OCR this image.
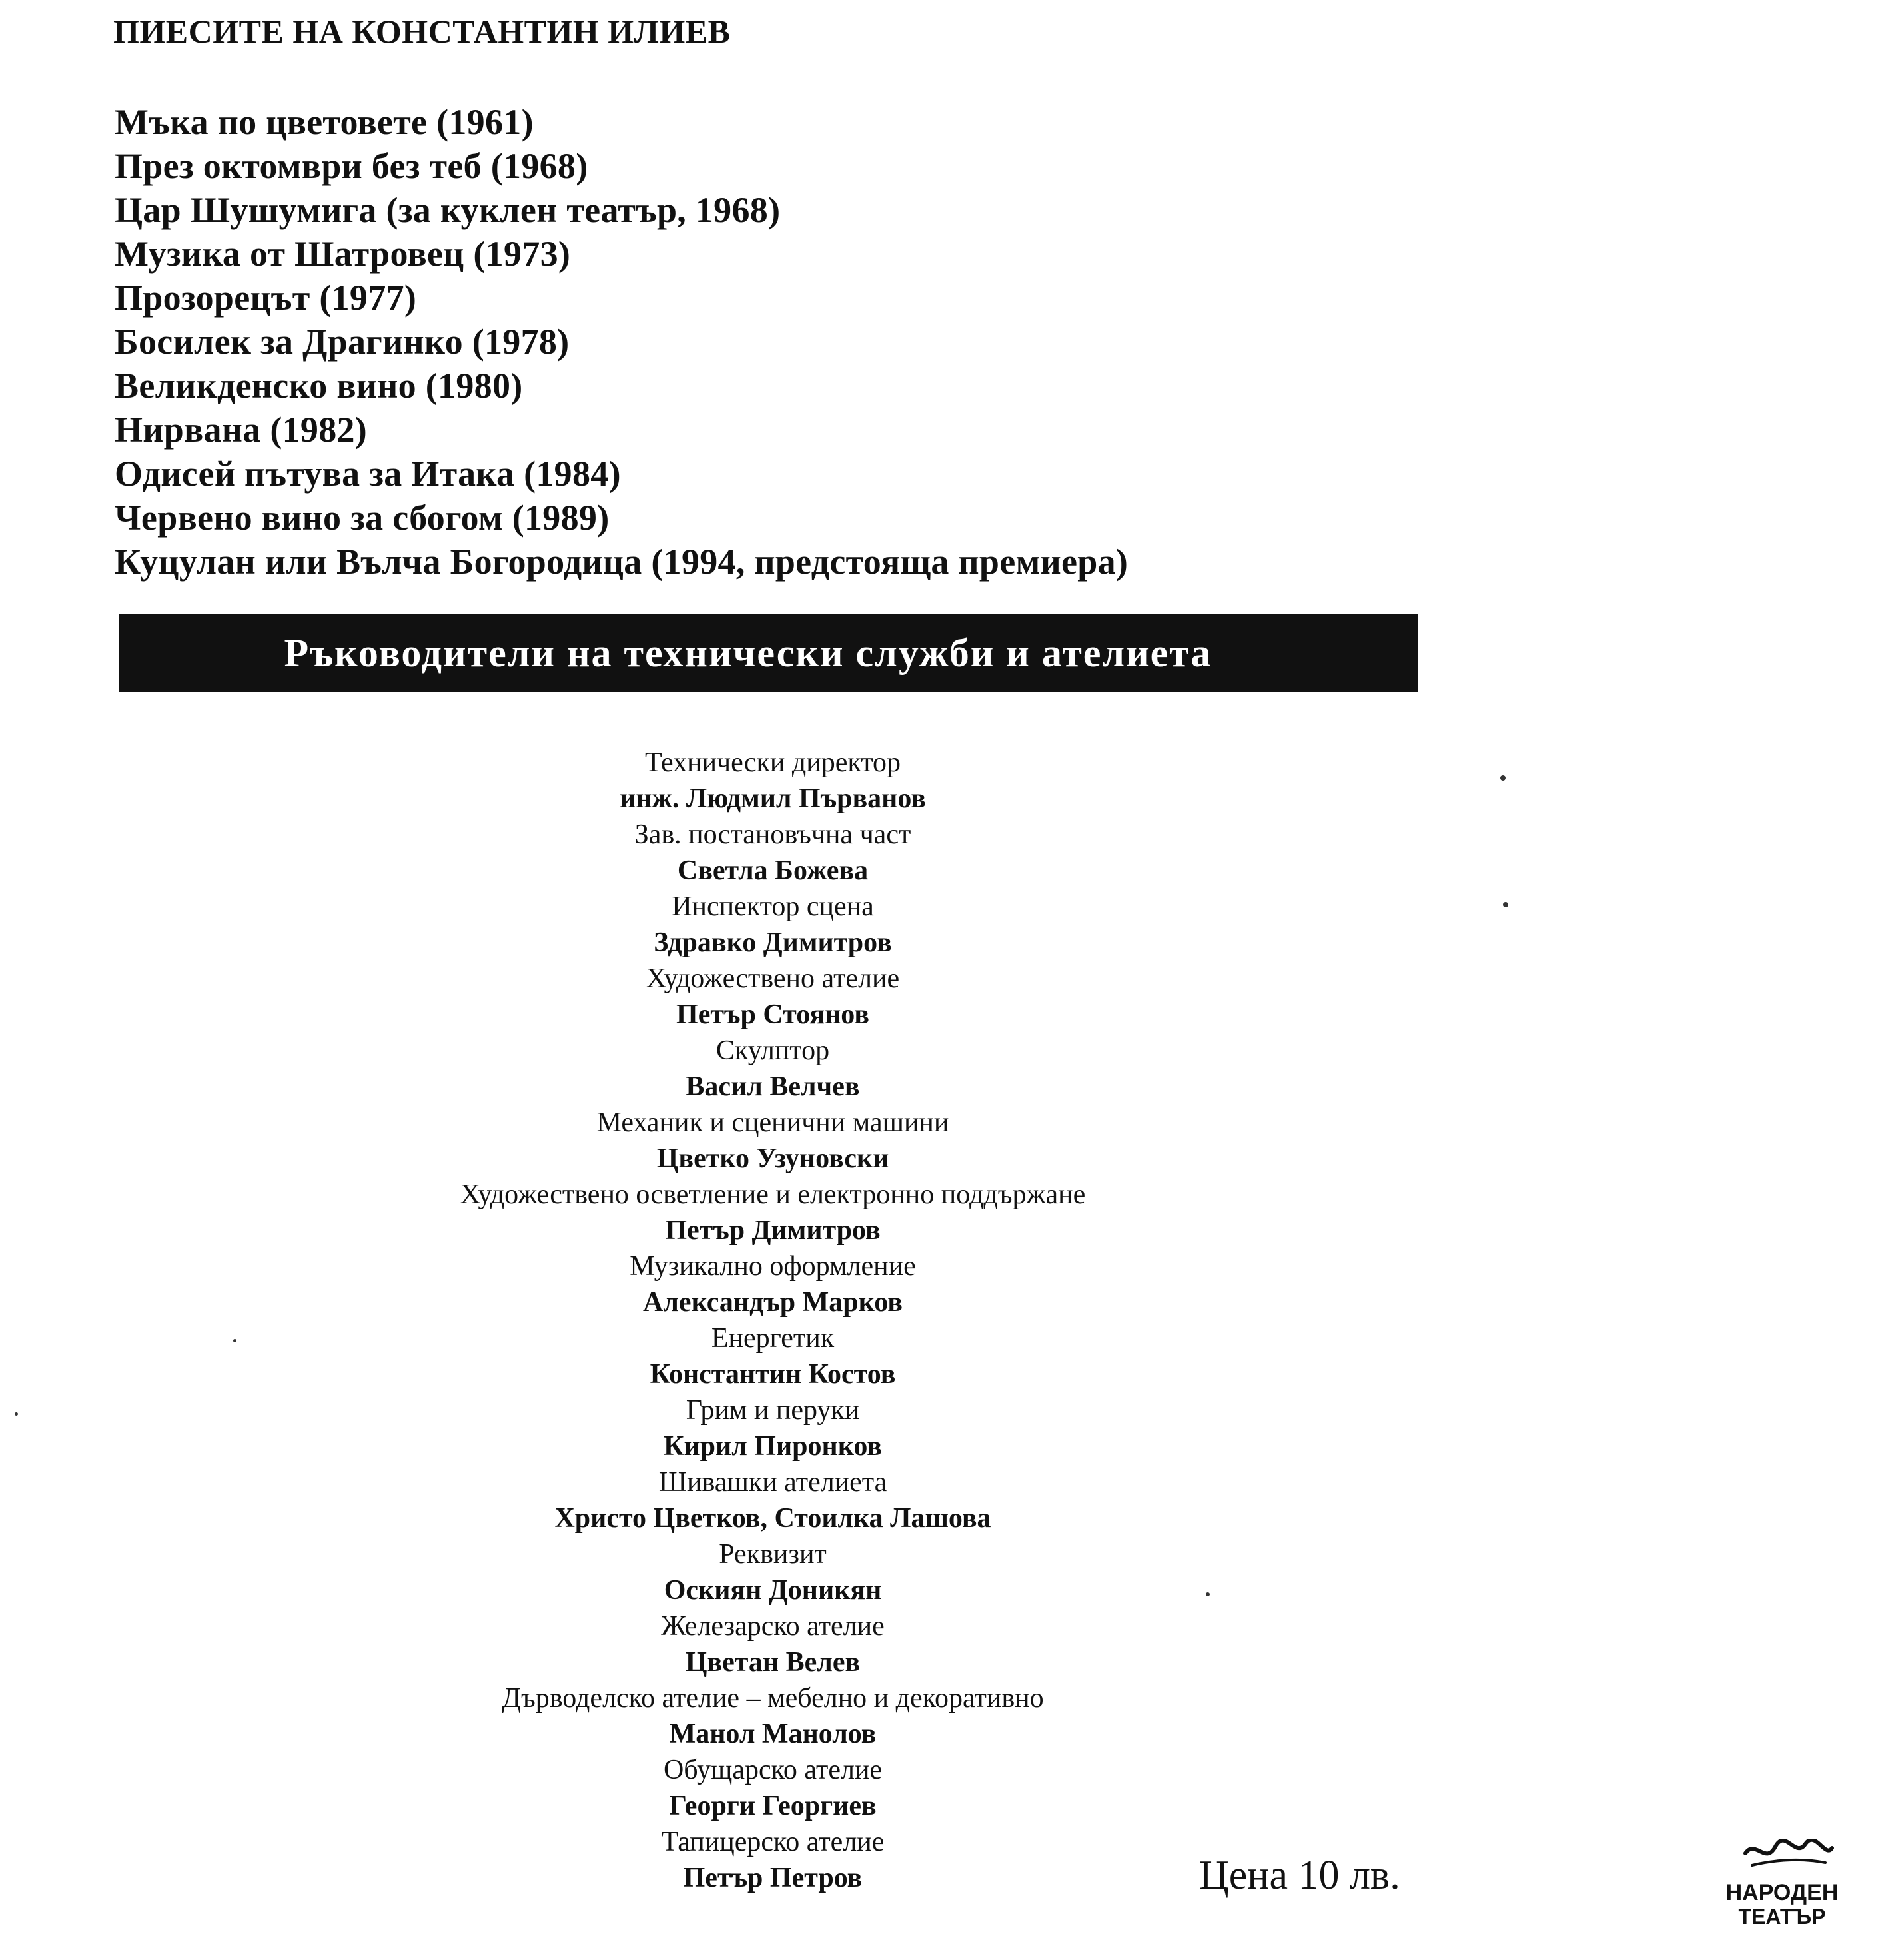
ПИЕСИТЕ НА КОНСТАНТИН ИЛИЕВ
Мъка по цветовете (1961)
През октомври без теб (1968)
Цар Шушумига (за куклен театър, 1968)
Музика от Шатровец (1973)
Прозорецът (1977)
Босилек за Драгинко (1978)
Великденско вино (1980)
Нирвана (1982)
Одисей пътува за Итака (1984)
Червено вино за сбогом (1989)
Куцулан или Вълча Богородица (1994, предстояща премиера)
Ръководители на технически служби и ателиета
Технически директор
инж. Людмил Първанов
Зав. постановъчна част
Светла Божева
Инспектор сцена
Здравко Димитров
Художествено ателие
Петър Стоянов
Скулптор
Васил Велчев
Механик и сценични машини
Цветко Узуновски
Художествено осветление и електронно поддържане
Петър Димитров
Музикално оформление
Александър Марков
Енергетик
Константин Костов
Грим и перуки
Кирил Пиронков
Шивашки ателиета
Христо Цветков, Стоилка Лашова
Реквизит
Оскиян Доникян
Железарско ателие
Цветан Велев
Дърводелско ателие – мебелно и декоративно
Манол Манолов
Обущарско ателие
Георги Георгиев
Тапицерско ателие
Петър Петров	Цена 10 лв.	НАРОДЕН
ТЕАТЪР
